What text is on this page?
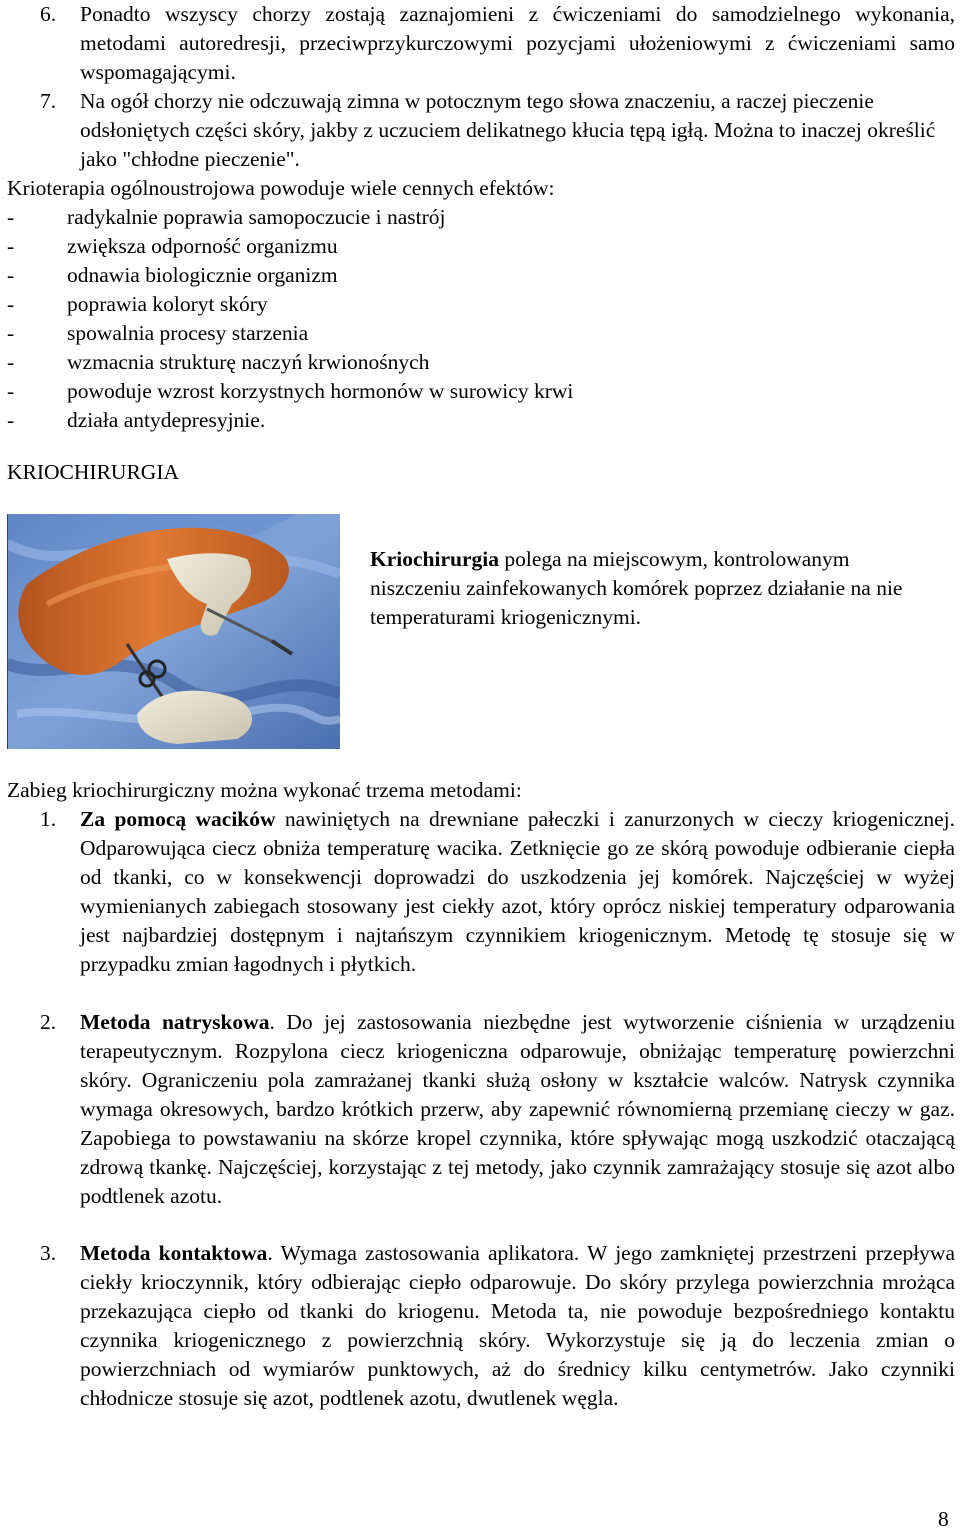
6. Ponadto wszyscy chorzy zostają zaznajomieni z ćwiczeniami do samodzielnego wykonania, metodami autoredresji, przeciwprzykurczowymi pozycjami ułożeniowymi z ćwiczeniami samo wspomagającymi.
7. Na ogół chorzy nie odczuwają zimna w potocznym tego słowa znaczeniu, a raczej pieczenie odsłoniętych części skóry, jakby z uczuciem delikatnego kłucia tępą igłą. Można to inaczej określić jako "chłodne pieczenie".
Krioterapia ogólnoustrojowa powoduje wiele cennych efektów:
- radykalnie poprawia samopoczucie i nastrój
- zwiększa odporność organizmu
- odnawia biologicznie organizm
- poprawia koloryt skóry
- spowalnia procesy starzenia
- wzmacnia strukturę naczyń krwionośnych
- powoduje wzrost korzystnych hormonów w surowicy krwi
- działa antydepresyjnie.
KRIOCHIRURGIA
Kriochirurgia polega na miejscowym, kontrolowanym niszczeniu zainfekowanych komórek poprzez działanie na nie temperaturami kriogenicznymi.
Zabieg kriochirurgiczny można wykonać trzema metodami:
1. Za pomocą wacików nawiniętych na drewniane pałeczki i zanurzonych w cieczy kriogenicznej. Odparowująca ciecz obniża temperaturę wacika. Zetknięcie go ze skórą powoduje odbieranie ciepła od tkanki, co w konsekwencji doprowadzi do uszkodzenia jej komórek. Najczęściej w wyżej wymienianych zabiegach stosowany jest ciekły azot, który oprócz niskiej temperatury odparowania jest najbardziej dostępnym i najtańszym czynnikiem kriogenicznym. Metodę tę stosuje się w przypadku zmian łagodnych i płytkich.
2. Metoda natryskowa. Do jej zastosowania niezbędne jest wytworzenie ciśnienia w urządzeniu terapeutycznym. Rozpylona ciecz kriogeniczna odparowuje, obniżając temperaturę powierzchni skóry. Ograniczeniu pola zamrażanej tkanki służą osłony w kształcie walców. Natrysk czynnika wymaga okresowych, bardzo krótkich przerw, aby zapewnić równomierną przemianę cieczy w gaz. Zapobiega to powstawaniu na skórze kropel czynnika, które spływając mogą uszkodzić otaczającą zdrową tkankę. Najczęściej, korzystając z tej metody, jako czynnik zamrażający stosuje się azot albo podtlenek azotu.
3. Metoda kontaktowa. Wymaga zastosowania aplikatora. W jego zamkniętej przestrzeni przepływa ciekły krioczynnik, który odbierając ciepło odparowuje. Do skóry przylega powierzchnia mrożąca przekazująca ciepło od tkanki do kriogenu. Metoda ta, nie powoduje bezpośredniego kontaktu czynnika kriogenicznego z powierzchnią skóry. Wykorzystuje się ją do leczenia zmian o powierzchniach od wymiarów punktowych, aż do średnicy kilku centymetrów. Jako czynniki chłodnicze stosuje się azot, podtlenek azotu, dwutlenek węgla.
8
